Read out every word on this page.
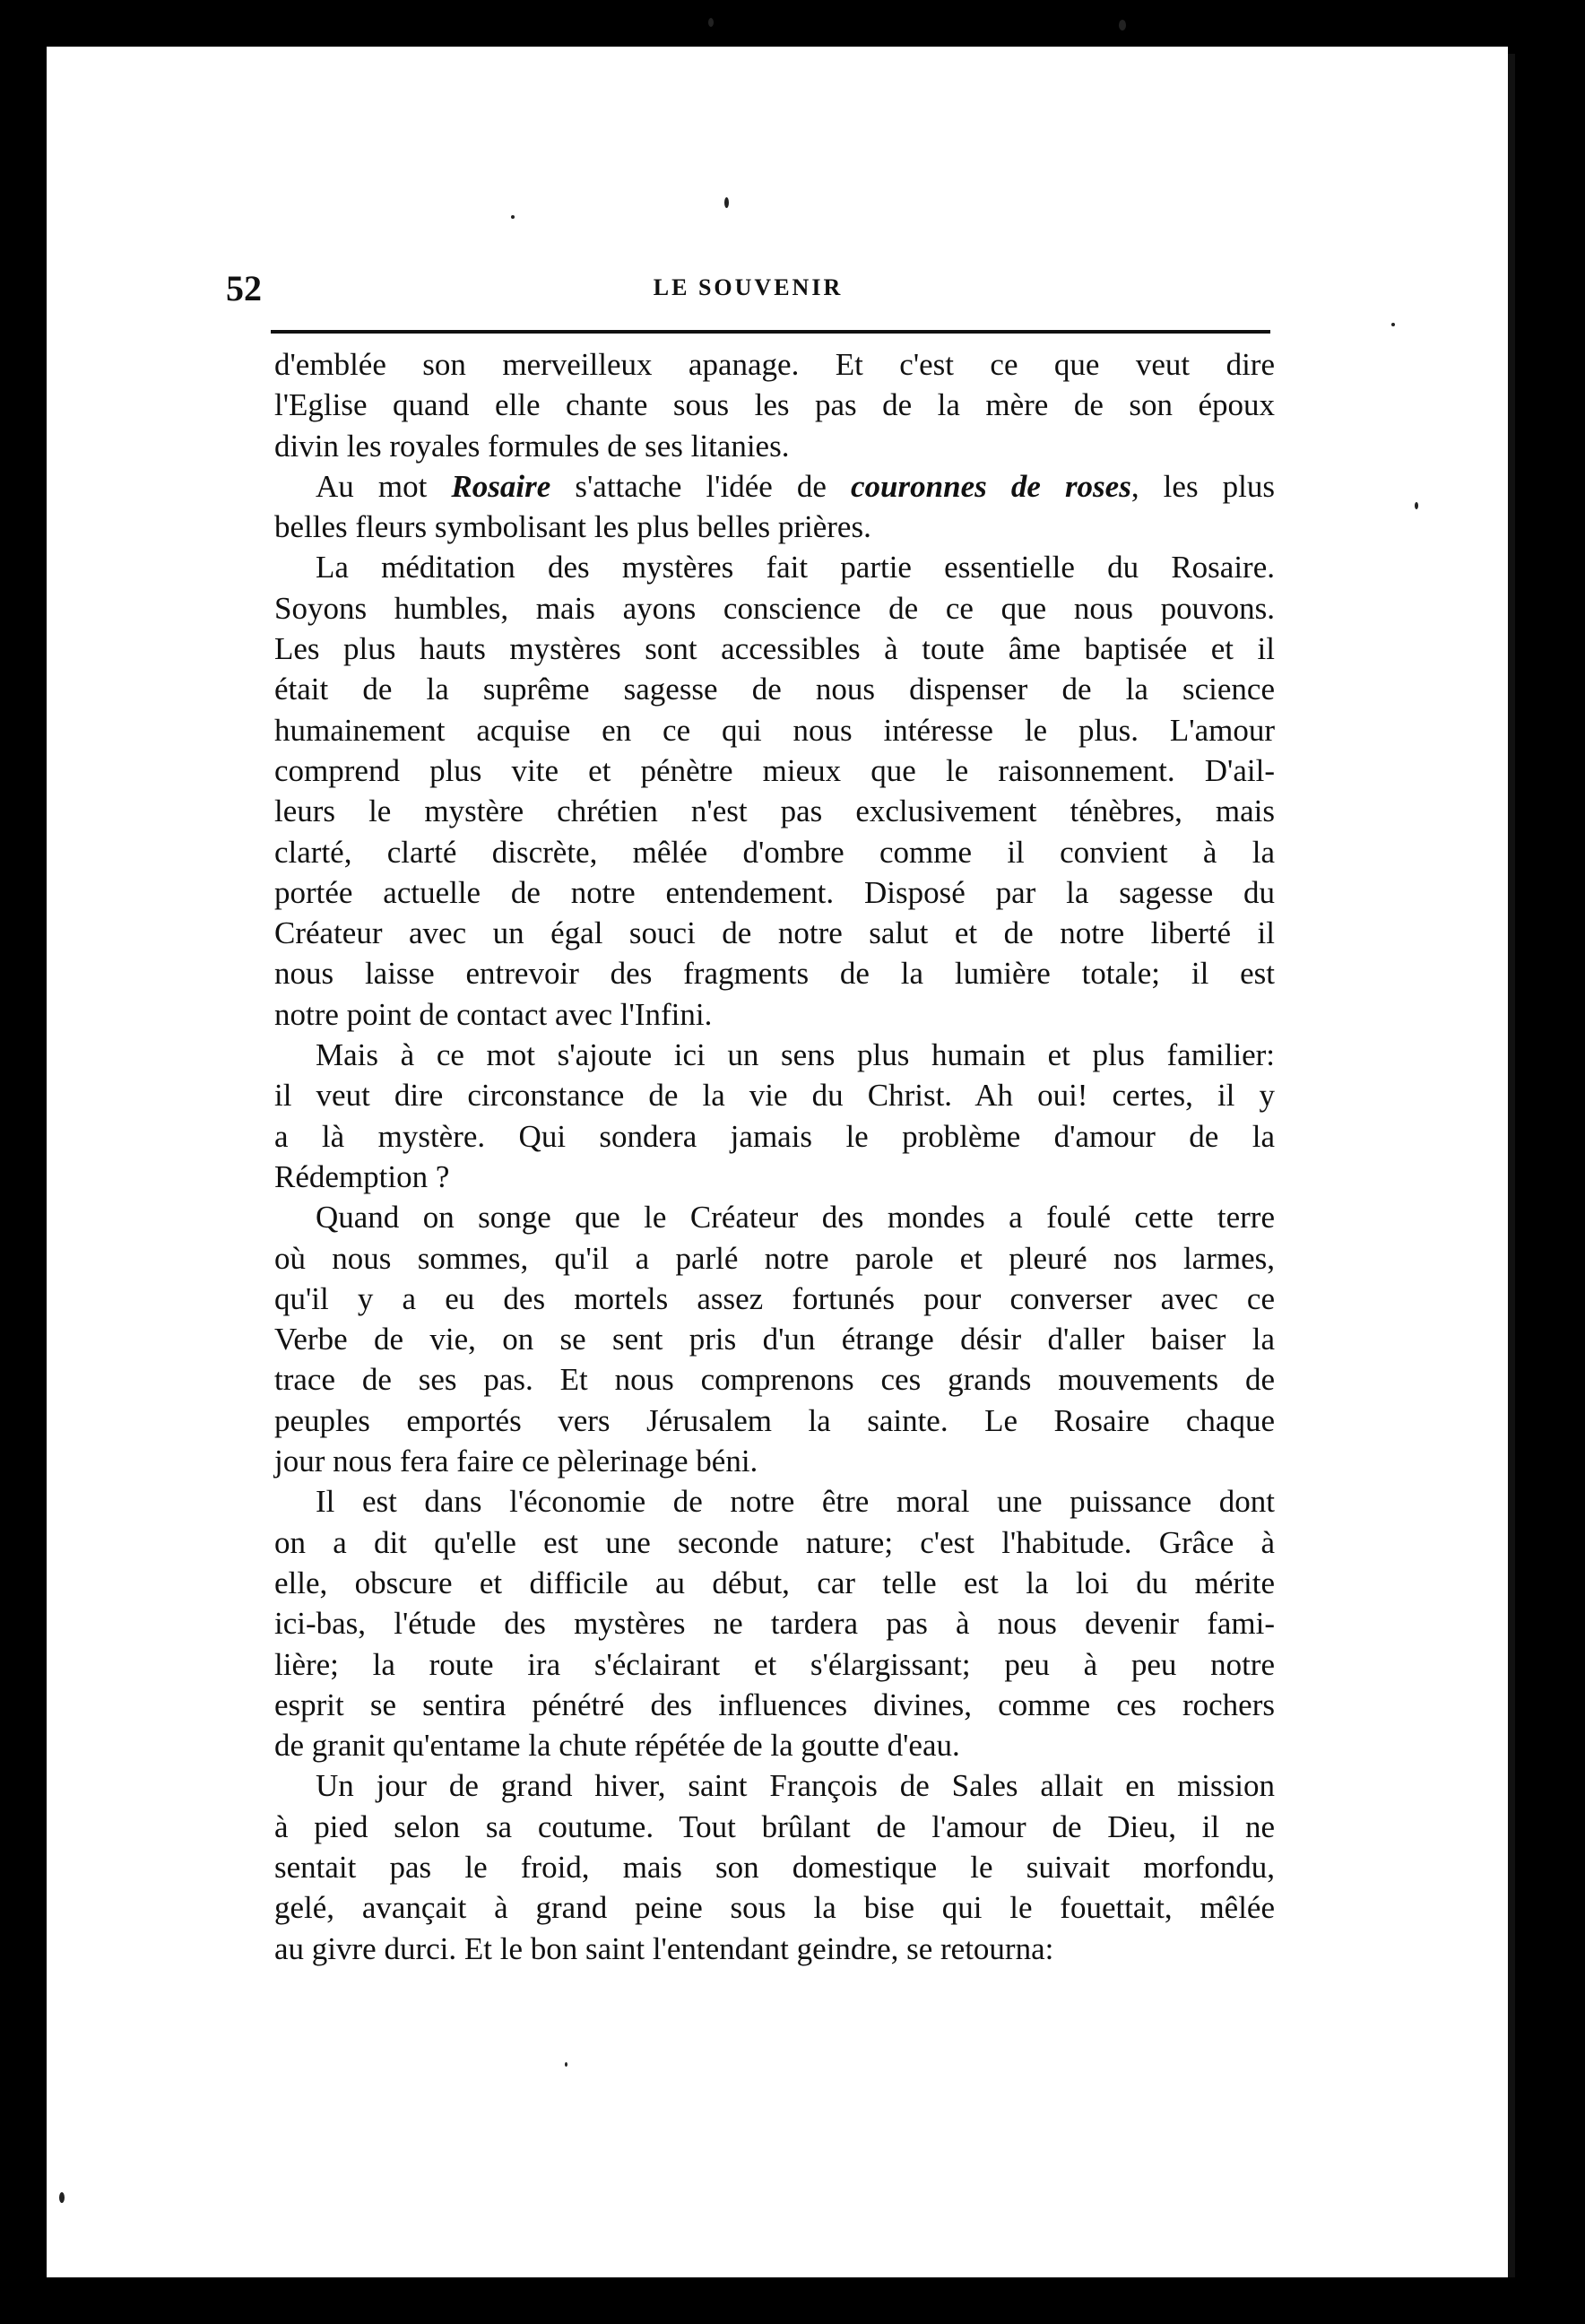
52	LE SOUVENIR
d'emblée son merveilleux apanage. Et c'est ce que veut dire
l'Eglise quand elle chante sous les pas de la mère de son époux
divin les royales formules de ses litanies.
Au mot Rosaire s'attache l'idée de couronnes de roses, les plus
belles fleurs symbolisant les plus belles prières.
La méditation des mystères fait partie essentielle du Rosaire.
Soyons humbles, mais ayons conscience de ce que nous pouvons.
Les plus hauts mystères sont accessibles à toute âme baptisée et il
était de la suprême sagesse de nous dispenser de la science
humainement acquise en ce qui nous intéresse le plus. L'amour
comprend plus vite et pénètre mieux que le raisonnement. D'ail-
leurs le mystère chrétien n'est pas exclusivement ténèbres, mais
clarté, clarté discrète, mêlée d'ombre comme il convient à la
portée actuelle de notre entendement. Disposé par la sagesse du
Créateur avec un égal souci de notre salut et de notre liberté il
nous laisse entrevoir des fragments de la lumière totale; il est
notre point de contact avec l'Infini.
Mais à ce mot s'ajoute ici un sens plus humain et plus familier:
il veut dire circonstance de la vie du Christ. Ah oui! certes, il y
a là mystère. Qui sondera jamais le problème d'amour de la
Rédemption ?
Quand on songe que le Créateur des mondes a foulé cette terre
où nous sommes, qu'il a parlé notre parole et pleuré nos larmes,
qu'il y a eu des mortels assez fortunés pour converser avec ce
Verbe de vie, on se sent pris d'un étrange désir d'aller baiser la
trace de ses pas. Et nous comprenons ces grands mouvements de
peuples emportés vers Jérusalem la sainte. Le Rosaire chaque
jour nous fera faire ce pèlerinage béni.
Il est dans l'économie de notre être moral une puissance dont
on a dit qu'elle est une seconde nature; c'est l'habitude. Grâce à
elle, obscure et difficile au début, car telle est la loi du mérite
ici-bas, l'étude des mystères ne tardera pas à nous devenir fami-
lière; la route ira s'éclairant et s'élargissant; peu à peu notre
esprit se sentira pénétré des influences divines, comme ces rochers
de granit qu'entame la chute répétée de la goutte d'eau.
Un jour de grand hiver, saint François de Sales allait en mission
à pied selon sa coutume. Tout brûlant de l'amour de Dieu, il ne
sentait pas le froid, mais son domestique le suivait morfondu,
gelé, avançait à grand peine sous la bise qui le fouettait, mêlée
au givre durci. Et le bon saint l'entendant geindre, se retourna:
